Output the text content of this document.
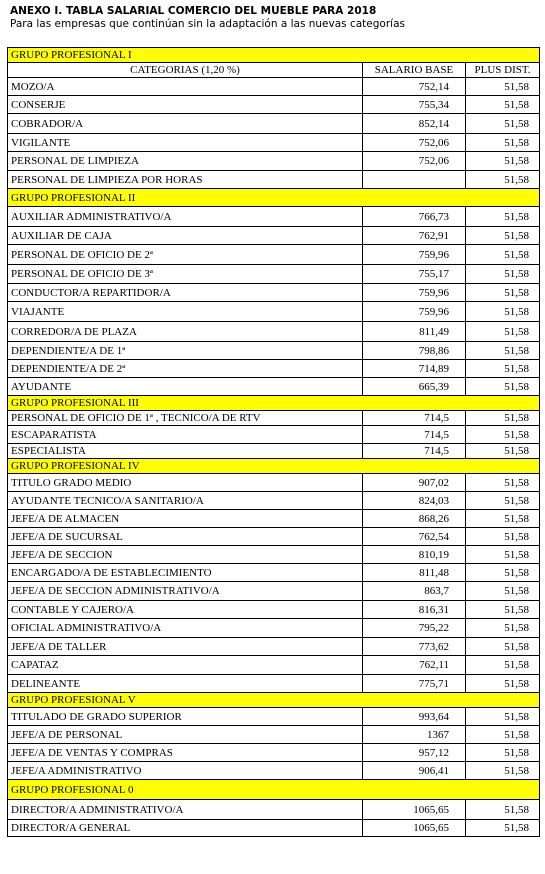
ANEXO I. TABLA SALARIAL COMERCIO DEL MUEBLE PARA 2018
Para las empresas que continúan sin la adaptación a las nuevas categorías
GRUPO PROFESIONAL I		
CATEGORIAS (1,20 %)	SALARIO BASE	PLUS DIST.
MOZO/A	752,14	51,58
CONSERJE	755,34	51,58
COBRADOR/A	852,14	51,58
VIGILANTE	752,06	51,58
PERSONAL DE LIMPIEZA	752,06	51,58
PERSONAL DE LIMPIEZA POR HORAS		51,58
GRUPO PROFESIONAL II		
AUXILIAR ADMINISTRATIVO/A	766,73	51,58
AUXILIAR DE CAJA	762,91	51,58
PERSONAL DE OFICIO DE 2ª	759,96	51,58
PERSONAL DE OFICIO DE 3ª	755,17	51,58
CONDUCTOR/A REPARTIDOR/A	759,96	51,58
VIAJANTE	759,96	51,58
CORREDOR/A DE PLAZA	811,49	51,58
DEPENDIENTE/A DE 1ª	798,86	51,58
DEPENDIENTE/A DE 2ª	714,89	51,58
AYUDANTE	665,39	51,58
GRUPO PROFESIONAL III		
PERSONAL DE OFICIO DE 1ª , TECNICO/A DE RTV	714,5	51,58
ESCAPARATISTA	714,5	51,58
ESPECIALISTA	714,5	51,58
GRUPO PROFESIONAL IV		
TITULO GRADO MEDIO	907,02	51,58
AYUDANTE TECNICO/A SANITARIO/A	824,03	51,58
JEFE/A DE ALMACEN	868,26	51,58
JEFE/A DE SUCURSAL	762,54	51,58
JEFE/A DE SECCION	810,19	51,58
ENCARGADO/A DE ESTABLECIMIENTO	811,48	51,58
JEFE/A DE SECCION ADMINISTRATIVO/A	863,7	51,58
CONTABLE Y CAJERO/A	816,31	51,58
OFICIAL ADMINISTRATIVO/A	795,22	51,58
JEFE/A DE TALLER	773,62	51,58
CAPATAZ	762,11	51,58
DELINEANTE	775,71	51,58
GRUPO PROFESIONAL V		
TITULADO DE GRADO SUPERIOR	993,64	51,58
JEFE/A DE PERSONAL	1367	51,58
JEFE/A DE VENTAS Y COMPRAS	957,12	51,58
JEFE/A ADMINISTRATIVO	906,41	51,58
GRUPO PROFESIONAL 0		
DIRECTOR/A ADMINISTRATIVO/A	1065,65	51,58
DIRECTOR/A GENERAL	1065,65	51,58
